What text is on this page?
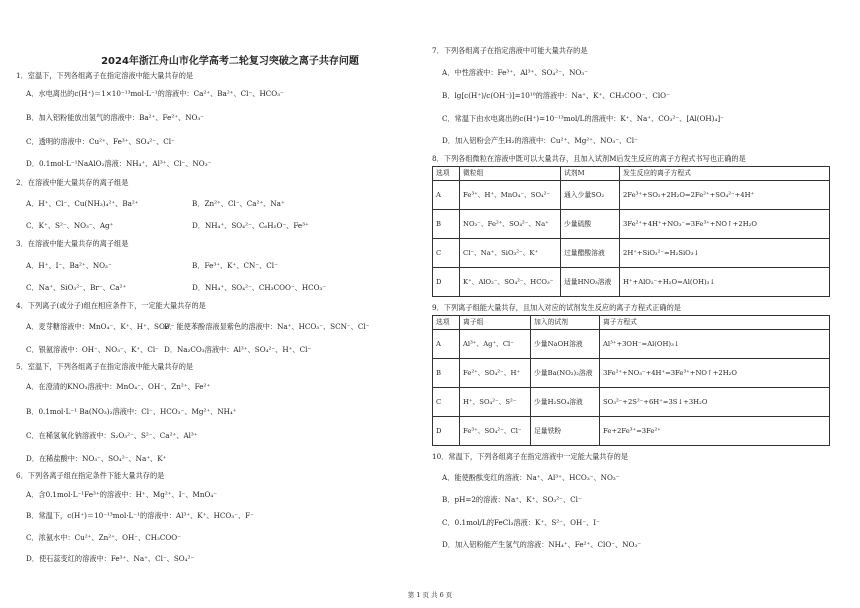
2024年浙江舟山市化学高考二轮复习突破之离子共存问题
1．室温下，下列各组离子在指定溶液中能大量共存的是
A．水电离出的c(H⁺)＝1×10⁻¹³mol·L⁻¹的溶液中：Ca²⁺、Ba²⁺、Cl⁻、HCO₃⁻
B．加入铝粉能放出氢气的溶液中：Ba²⁺、Fe²⁺、NO₃⁻
C．透明的溶液中：Cu²⁺、Fe³⁺、SO₄²⁻、Cl⁻
D．0.1mol·L⁻¹NaAlO₂溶液：NH₄⁺、Al³⁺、Cl⁻、NO₃⁻
2．在溶液中能大量共存的离子组是
A．H⁺、Cl⁻、Cu(NH₃)₄²⁺、Ba²⁺	B．Zn²⁺、Cl⁻、Ca²⁺、Na⁺
C．K⁺、S²⁻、NO₃⁻、Ag⁺	D．NH₄⁺、SO₄²⁻、C₆H₅O⁻、Fe³⁺
3．在溶液中能大量共存的离子组是
A．H⁺、I⁻、Ba²⁺、NO₃⁻	B．Fe³⁺、K⁺、CN⁻、Cl⁻
C．Na⁺、SiO₃²⁻、Br⁻、Ca²⁺	D．NH₄⁺、SO₄²⁻、CH₃COO⁻、HCO₃⁻
4．下列离子(或分子)组在相应条件下，一定能大量共存的是
A．麦芽糖溶液中：MnO₄⁻、K⁺、H⁺、SO₄²⁻
B．能使苯酚溶液显紫色的溶液中：Na⁺、HCO₃⁻、SCN⁻、Cl⁻
C．银氨溶液中：OH⁻、NO₃⁻、K⁺、Cl⁻ D．Na₂CO₃溶液中：Al³⁺、SO₄²⁻、H⁺、Cl⁻
5．室温下，下列各组离子在指定溶液中能大量共存的是
A．在澄清的KNO₃溶液中：MnO₄⁻、OH⁻、Zn²⁺、Fe²⁺
B．0.1mol·L⁻¹ Ba(NO₃)₂溶液中：Cl⁻、HCO₃⁻、Mg²⁺、NH₄⁺
C．在稀氢氧化钠溶液中：S₂O₃²⁻、S²⁻、Ca²⁺、Al³⁺
D．在稀盐酸中：NO₃⁻、SO₄²⁻、Na⁺、K⁺
6．下列各离子组在指定条件下能大量共存的是
A．含0.1mol·L⁻¹Fe³⁺的溶液中：H⁺、Mg²⁺、I⁻、MnO₄⁻
B．常温下，c(H⁺)＝10⁻¹³mol·L⁻¹的溶液中：Al³⁺、K⁺、HCO₃⁻、F⁻
C．浓氨水中：Cu²⁺、Zn²⁺、OH⁻、CH₃COO⁻
D．使石蕊变红的溶液中：Fe³⁺、Na⁺、Cl⁻、SO₄²⁻
7．下列各组离子在指定溶液中可能大量共存的是
A．中性溶液中：Fe³⁺、Al³⁺、SO₄²⁻、NO₃⁻
B．lg[c(H⁺)/c(OH⁻)]=10¹⁰的溶液中：Na⁺、K⁺、CH₃COO⁻、ClO⁻
C．常温下由水电离出的c(H⁺)=10⁻¹³mol/L的溶液中：K⁺、Na⁺、CO₃²⁻、[Al(OH)₄]⁻
D．加入铝粉会产生H₂的溶液中：Cu²⁺、Mg²⁺、NO₃⁻、Cl⁻
8．下列各组微粒在溶液中既可以大量共存，且加入试剂M后发生反应的离子方程式书写也正确的是
选项	微粒组	试剂M	发生反应的离子方程式
A	Fe³⁺、H⁺、MnO₄⁻、SO₄²⁻	通入少量SO₂	2Fe³⁺+SO₂+2H₂O=2Fe²⁺+SO₄²⁻+4H⁺
B	NO₃⁻、Fe²⁺、SO₄²⁻、Na⁺	少量硫酸	3Fe²⁺+4H⁺+NO₃⁻=3Fe³⁺+NO↑+2H₂O
C	Cl⁻、Na⁺、SiO₃²⁻、K⁺	过量醋酸溶液	2H⁺+SiO₃²⁻=H₂SiO₃↓
D	K⁺、AlO₂⁻、SO₄²⁻、HCO₃⁻	适量HNO₃溶液	H⁺+AlO₂⁻+H₂O=Al(OH)₃↓
9．下列离子组能大量共存，且加入对应的试剂发生反应的离子方程式正确的是
选项	离子组	加入的试剂	离子方程式
A	Al³⁺、Ag⁺、Cl⁻	少量NaOH溶液	Al³⁺+3OH⁻=Al(OH)₃↓
B	Fe²⁺、SO₄²⁻、H⁺	少量Ba(NO₃)₂溶液	3Fe²⁺+NO₃⁻+4H⁺=3Fe³⁺+NO↑+2H₂O
C	H⁺、SO₄²⁻、S²⁻	少量H₂SO₄溶液	SO₃²⁻+2S²⁻+6H⁺=3S↓+3H₂O
D	Fe³⁺、SO₄²⁻、Cl⁻	足量铁粉	Fe+2Fe³⁺=3Fe²⁺
10．常温下，下列各组离子在指定溶液中一定能大量共存的是
A．能使酚酞变红的溶液：Na⁺、Al³⁺、HCO₃⁻、NO₃⁻
B．pH=2的溶液：Na⁺、K⁺、SO₃²⁻、Cl⁻
C．0.1mol/L的FeCl₃溶液：K⁺、S²⁻、OH⁻、I⁻
D．加入铝粉能产生氢气的溶液：NH₄⁺、Fe²⁺、ClO⁻、NO₃⁻
第 1 页 共 6 页
